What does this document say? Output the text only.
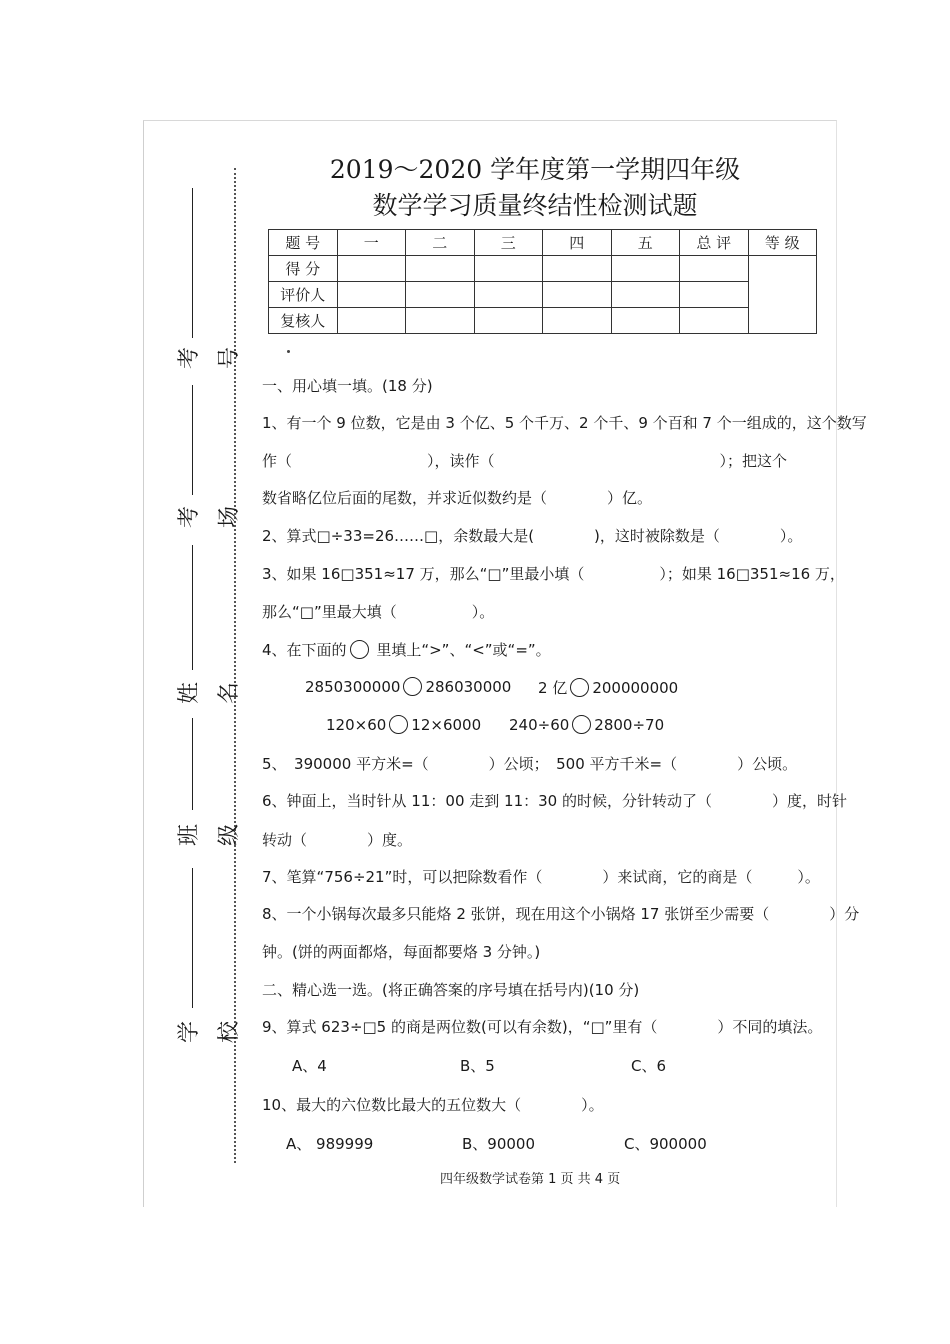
考号
考场
姓名
班级
学校
2019～2020 学年度第一学期四年级
数学学习质量终结性检测试题
题 号	一	二	三	四	五	总 评	等 级
得 分							
评价人							
复核人							
一、用心填一填。(18 分)
1、有一个 9 位数，它是由 3 个亿、5 个千万、2 个千、9 个百和 7 个一组成的，这个数写
作（　　　　　　　　　），读作（　　　　　　　　　　　　　　　）；把这个
数省略亿位后面的尾数，并求近似数约是（　　　　）亿。
2、算式□÷33=26……□，余数最大是(　　　　)，这时被除数是（　　　　）。
3、如果 16□351≈17 万，那么“□”里最小填（　　　　　）；如果 16□351≈16 万，
那么“□”里最大填（　　　　　）。
4、在下面的 里填上“>”、“<”或“=”。
2850300000 286030000 2 亿 200000000
120×60 12×6000 240÷60 2800÷70
5、　390000 平方米=（　　　　）公顷；　500 平方千米=（　　　　）公顷。
6、钟面上，当时针从 11：00 走到 11：30 的时候，分针转动了（　　　　）度，时针
转动（　　　　）度。
7、笔算“756÷21”时，可以把除数看作（　　　　）来试商，它的商是（　　　）。
8、一个小锅每次最多只能烙 2 张饼，现在用这个小锅烙 17 张饼至少需要（　　　　）分
钟。(饼的两面都烙，每面都要烙 3 分钟。)
二、精心选一选。(将正确答案的序号填在括号内)(10 分)
9、算式 623÷□5 的商是两位数(可以有余数)，“□”里有（　　　　）不同的填法。
A、4	B、5	C、6
10、最大的六位数比最大的五位数大（　　　　）。
A、 989999	B、90000	C、900000
四年级数学试卷第 1 页 共 4 页
